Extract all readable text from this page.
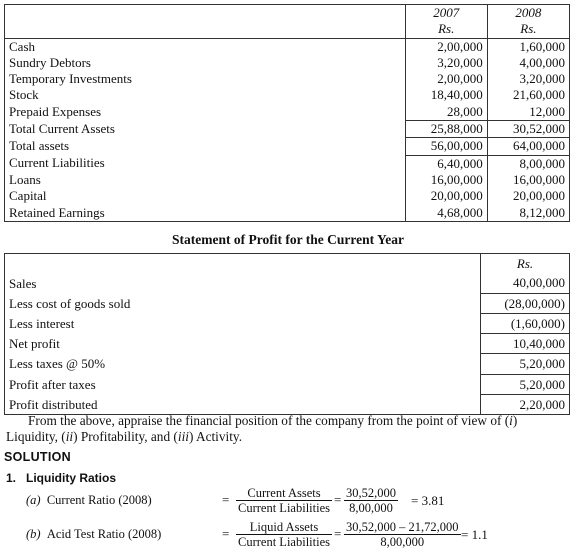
	2007	2008
	Rs.	Rs.
Cash	2,00,000	1,60,000
Sundry Debtors	3,20,000	4,00,000
Temporary Investments	2,00,000	3,20,000
Stock	18,40,000	21,60,000
Prepaid Expenses	28,000	12,000
Total Current Assets	25,88,000	30,52,000
Total assets	56,00,000	64,00,000
Current Liabilities	6,40,000	8,00,000
Loans	16,00,000	16,00,000
Capital	20,00,000	20,00,000
Retained Earnings	4,68,000	8,12,000
Statement of Profit for the Current Year
	Rs.
Sales	40,00,000
Less cost of goods sold	(28,00,000)
Less interest	(1,60,000)
Net profit	10,40,000
Less taxes @ 50%	5,20,000
Profit after taxes	5,20,000
Profit distributed	2,20,000
From the above, appraise the financial position of the company from the point of view of (i) Liquidity, (ii) Profitability, and (iii) Activity.
SOLUTION
1. Liquidity Ratios
(a) Current Ratio (2008)	=	Current Assets
Current Liabilities
= $\frac{30,52,000}{8,00,000} = 3.81$
(b) Acid Test Ratio (2008)	=	Liquid Assets
Current Liabilities
= $\frac{30,52,000 - 21,72,000}{8,00,000} = 1.1$
